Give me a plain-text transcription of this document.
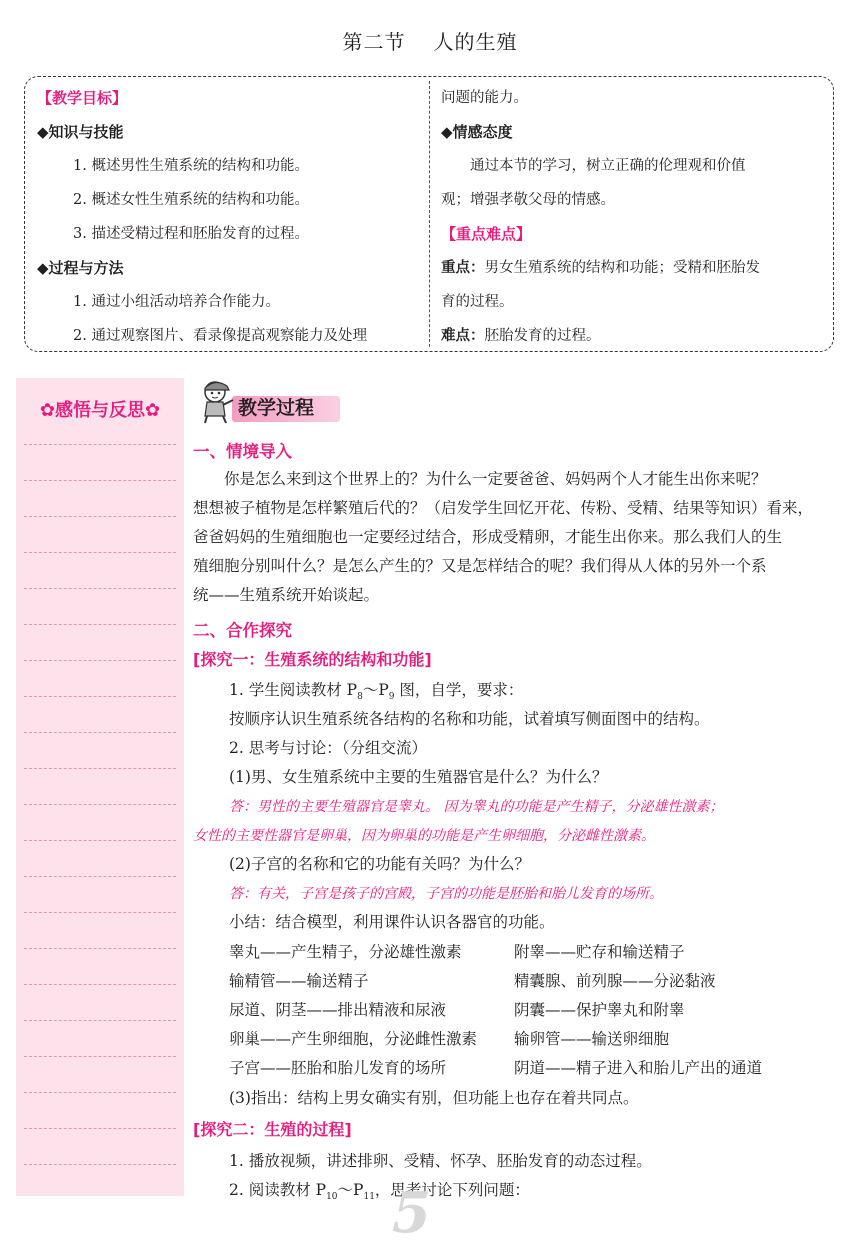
第二节 人的生殖
【教学目标】
◆知识与技能
1. 概述男性生殖系统的结构和功能。
2. 概述女性生殖系统的结构和功能。
3. 描述受精过程和胚胎发育的过程。
◆过程与方法
1. 通过小组活动培养合作能力。
2. 通过观察图片、看录像提高观察能力及处理
问题的能力。
◆情感态度
通过本节的学习，树立正确的伦理观和价值
观；增强孝敬父母的情感。
【重点难点】
重点：男女生殖系统的结构和功能；受精和胚胎发
育的过程。
难点：胚胎发育的过程。
✿感悟与反思✿	教学过程
一、情境导入
你是怎么来到这个世界上的？为什么一定要爸爸、妈妈两个人才能生出你来呢？
想想被子植物是怎样繁殖后代的？（启发学生回忆开花、传粉、受精、结果等知识）看来，
爸爸妈妈的生殖细胞也一定要经过结合，形成受精卵，才能生出你来。那么我们人的生
殖细胞分别叫什么？是怎么产生的？又是怎样结合的呢？我们得从人体的另外一个系
统——生殖系统开始谈起。
二、合作探究
[探究一：生殖系统的结构和功能]
1. 学生阅读教材 $P_8\sim P_9$ 图，自学，要求：
按顺序认识生殖系统各结构的名称和功能，试着填写侧面图中的结构。
2. 思考与讨论：（分组交流）
(1)男、女生殖系统中主要的生殖器官是什么？为什么？
答：男性的主要生殖器官是睾丸。 因为睾丸的功能是产生精子，分泌雄性激素；
女性的主要性器官是卵巢，因为卵巢的功能是产生卵细胞，分泌雌性激素。
(2)子宫的名称和它的功能有关吗？为什么？
答：有关，子宫是孩子的宫殿，子宫的功能是胚胎和胎儿发育的场所。
小结：结合模型，利用课件认识各器官的功能。
睾丸——产生精子，分泌雄性激素	附睾——贮存和输送精子
输精管——输送精子	精囊腺、前列腺——分泌黏液
尿道、阴茎——排出精液和尿液	阴囊——保护睾丸和附睾
卵巢——产生卵细胞，分泌雌性激素 输卵管——输送卵细胞
子宫——胚胎和胎儿发育的场所	阴道——精子进入和胎儿产出的通道
(3)指出：结构上男女确实有别，但功能上也存在着共同点。
[探究二：生殖的过程]
1. 播放视频，讲述排卵、受精、怀孕、胚胎发育的动态过程。
2. 阅读教材 $P_{10}\sim P_{11}$，思考讨论下列问题：
5
